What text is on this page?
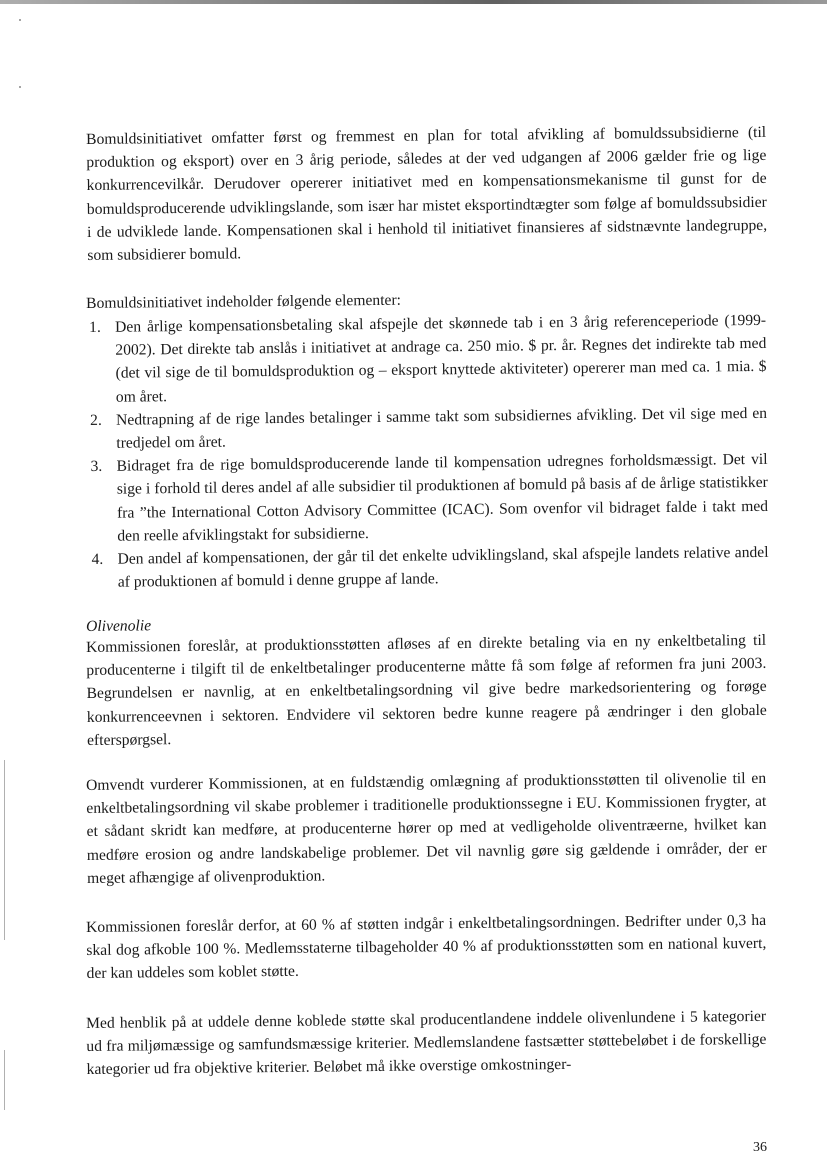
Bomuldsinitiativet omfatter først og fremmest en plan for total afvikling af bomuldssubsidierne (til produktion og eksport) over en 3 årig periode, således at der ved udgangen af 2006 gælder frie og lige konkurrencevilkår. Derudover opererer initiativet med en kompensationsmekanisme til gunst for de bomuldsproducerende udviklingslande, som især har mistet eksportindtægter som følge af bomuldssubsidier i de udviklede lande. Kompensationen skal i henhold til initiativet finansieres af sidstnævnte landegruppe, som subsidierer bomuld.

Bomuldsinitiativet indeholder følgende elementer:

1. Den årlige kompensationsbetaling skal afspejle det skønnede tab i en 3 årig referenceperiode (1999-2002). Det direkte tab anslås i initiativet at andrage ca. 250 mio. $ pr. år. Regnes det indirekte tab med (det vil sige de til bomuldsproduktion og – eksport knyttede aktiviteter) opererer man med ca. 1 mia. $ om året.
2. Nedtrapning af de rige landes betalinger i samme takt som subsidiernes afvikling. Det vil sige med en tredjedel om året.
3. Bidraget fra de rige bomuldsproducerende lande til kompensation udregnes forholdsmæssigt. Det vil sige i forhold til deres andel af alle subsidier til produktionen af bomuld på basis af de årlige statistikker fra ”the International Cotton Advisory Committee (ICAC). Som ovenfor vil bidraget falde i takt med den reelle afviklingstakt for subsidierne.
4. Den andel af kompensationen, der går til det enkelte udviklingsland, skal afspejle landets relative andel af produktionen af bomuld i denne gruppe af lande.

Olivenolie

Kommissionen foreslår, at produktionsstøtten afløses af en direkte betaling via en ny enkeltbetaling til producenterne i tilgift til de enkeltbetalinger producenterne måtte få som følge af reformen fra juni 2003. Begrundelsen er navnlig, at en enkeltbetalingsordning vil give bedre markedsorientering og forøge konkurrenceevnen i sektoren. Endvidere vil sektoren bedre kunne reagere på ændringer i den globale efterspørgsel.

Omvendt vurderer Kommissionen, at en fuldstændig omlægning af produktionsstøtten til olivenolie til en enkeltbetalingsordning vil skabe problemer i traditionelle produktionssegne i EU. Kommissionen frygter, at et sådant skridt kan medføre, at producenterne hører op med at vedligeholde oliventræerne, hvilket kan medføre erosion og andre landskabelige problemer. Det vil navnlig gøre sig gældende i områder, der er meget afhængige af olivenproduktion.

Kommissionen foreslår derfor, at 60 % af støtten indgår i enkeltbetalingsordningen. Bedrifter under 0,3 ha skal dog afkoble 100 %. Medlemsstaterne tilbageholder 40 % af produktionsstøtten som en national kuvert, der kan uddeles som koblet støtte.

Med henblik på at uddele denne koblede støtte skal producentlandene inddele olivenlundene i 5 kategorier ud fra miljømæssige og samfundsmæssige kriterier. Medlemslandene fastsætter støttebeløbet i de forskellige kategorier ud fra objektive kriterier. Beløbet må ikke overstige omkostninger-

36
